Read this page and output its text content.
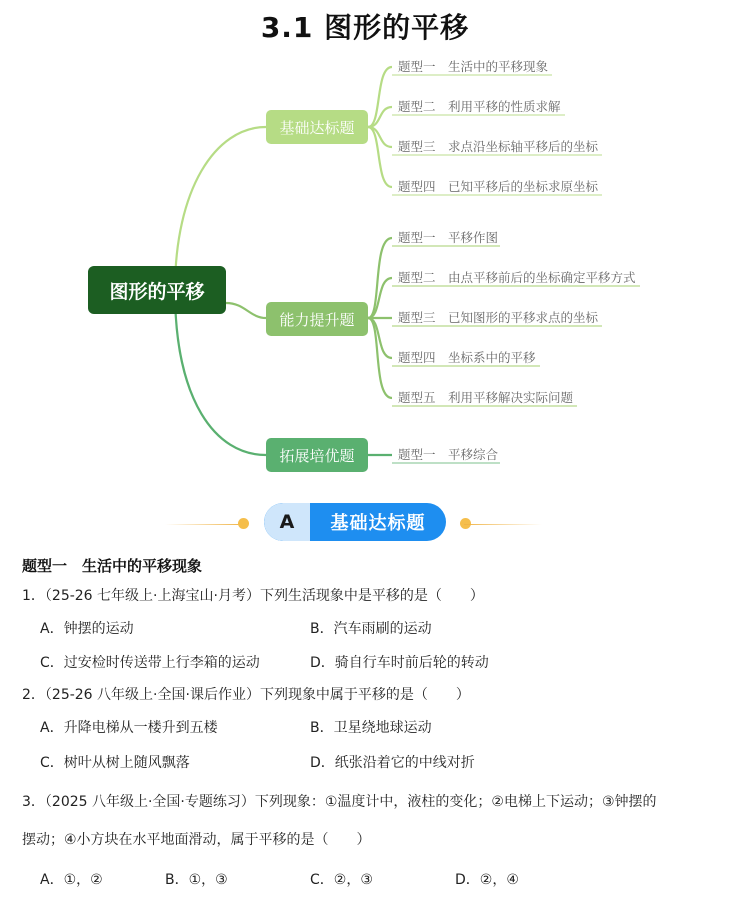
3.1 图形的平移
图形的平移
基础达标题
能力提升题
拓展培优题
题型一 生活中的平移现象
题型二 利用平移的性质求解
题型三 求点沿坐标轴平移后的坐标
题型四 已知平移后的坐标求原坐标
题型一 平移作图
题型二 由点平移前后的坐标确定平移方式
题型三 已知图形的平移求点的坐标
题型四 坐标系中的平移
题型五 利用平移解决实际问题
题型一 平移综合
A	基础达标题
题型一　生活中的平移现象
1．（25-26 七年级上·上海宝山·月考）下列生活现象中是平移的是（　　）
A．钟摆的运动	B．汽车雨刷的运动
C．过安检时传送带上行李箱的运动	D．骑自行车时前后轮的转动
2．（25-26 八年级上·全国·课后作业）下列现象中属于平移的是（　　）
A．升降电梯从一楼升到五楼	B．卫星绕地球运动
C．树叶从树上随风飘落	D．纸张沿着它的中线对折
3．（2025 八年级上·全国·专题练习）下列现象：①温度计中，液柱的变化；②电梯上下运动；③钟摆的
摆动；④小方块在水平地面滑动，属于平移的是（　　）
A．①，②	B．①，③	C．②，③	D．②，④
